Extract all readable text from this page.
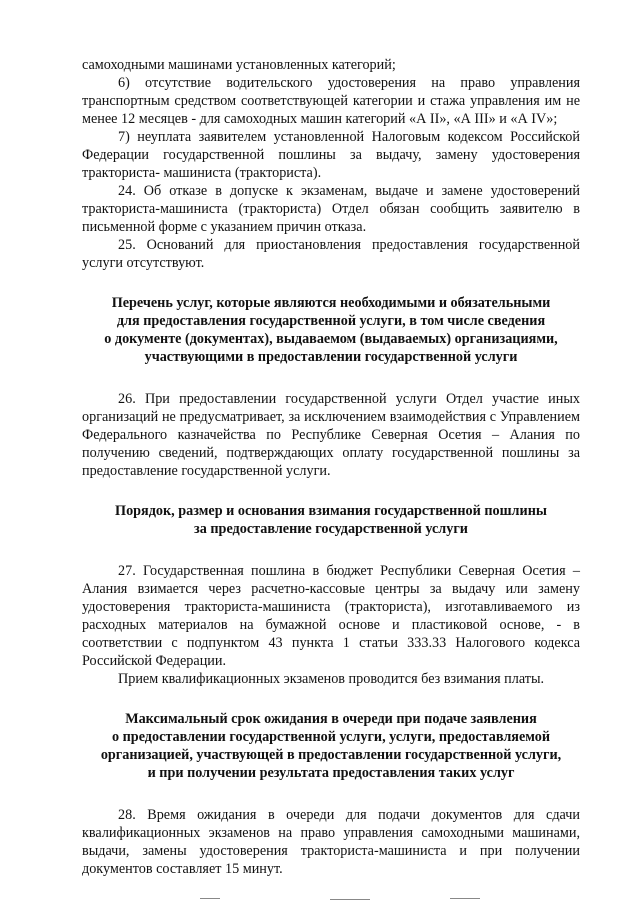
самоходными машинами установленных категорий;

6) отсутствие водительского удостоверения на право управления транспортным средством соответствующей категории и стажа управления им не менее 12 месяцев - для самоходных машин категорий «А II», «А III» и «А IV»;

7) неуплата заявителем установленной Налоговым кодексом Российской Федерации государственной пошлины за выдачу, замену удостоверения тракториста- машиниста (тракториста).

24. Об отказе в допуске к экзаменам, выдаче и замене удостоверений тракториста-машиниста (тракториста) Отдел обязан сообщить заявителю в письменной форме с указанием причин отказа.

25. Оснований для приостановления предоставления государственной услуги отсутствуют.

Перечень услуг, которые являются необходимыми и обязательными
для предоставления государственной услуги, в том числе сведения
о документе (документах), выдаваемом (выдаваемых) организациями,
участвующими в предоставлении государственной услуги

26. При предоставлении государственной услуги Отдел участие иных организаций не предусматривает, за исключением взаимодействия с Управлением Федерального казначейства по Республике Северная Осетия – Алания по получению сведений, подтверждающих оплату государственной пошлины за предоставление государственной услуги.

Порядок, размер и основания взимания государственной пошлины
за предоставление государственной услуги

27. Государственная пошлина в бюджет Республики Северная Осетия – Алания взимается через расчетно-кассовые центры за выдачу или замену удостоверения тракториста-машиниста (тракториста), изготавливаемого из расходных материалов на бумажной основе и пластиковой основе, - в соответствии с подпунктом 43 пункта 1 статьи 333.33 Налогового кодекса Российской Федерации.

Прием квалификационных экзаменов проводится без взимания платы.

Максимальный срок ожидания в очереди при подаче заявления
о предоставлении государственной услуги, услуги, предоставляемой
организацией, участвующей в предоставлении государственной услуги,
и при получении результата предоставления таких услуг

28. Время ожидания в очереди для подачи документов для сдачи квалификационных экзаменов на право управления самоходными машинами, выдачи, замены удостоверения тракториста-машиниста и при получении документов составляет 15 минут.
